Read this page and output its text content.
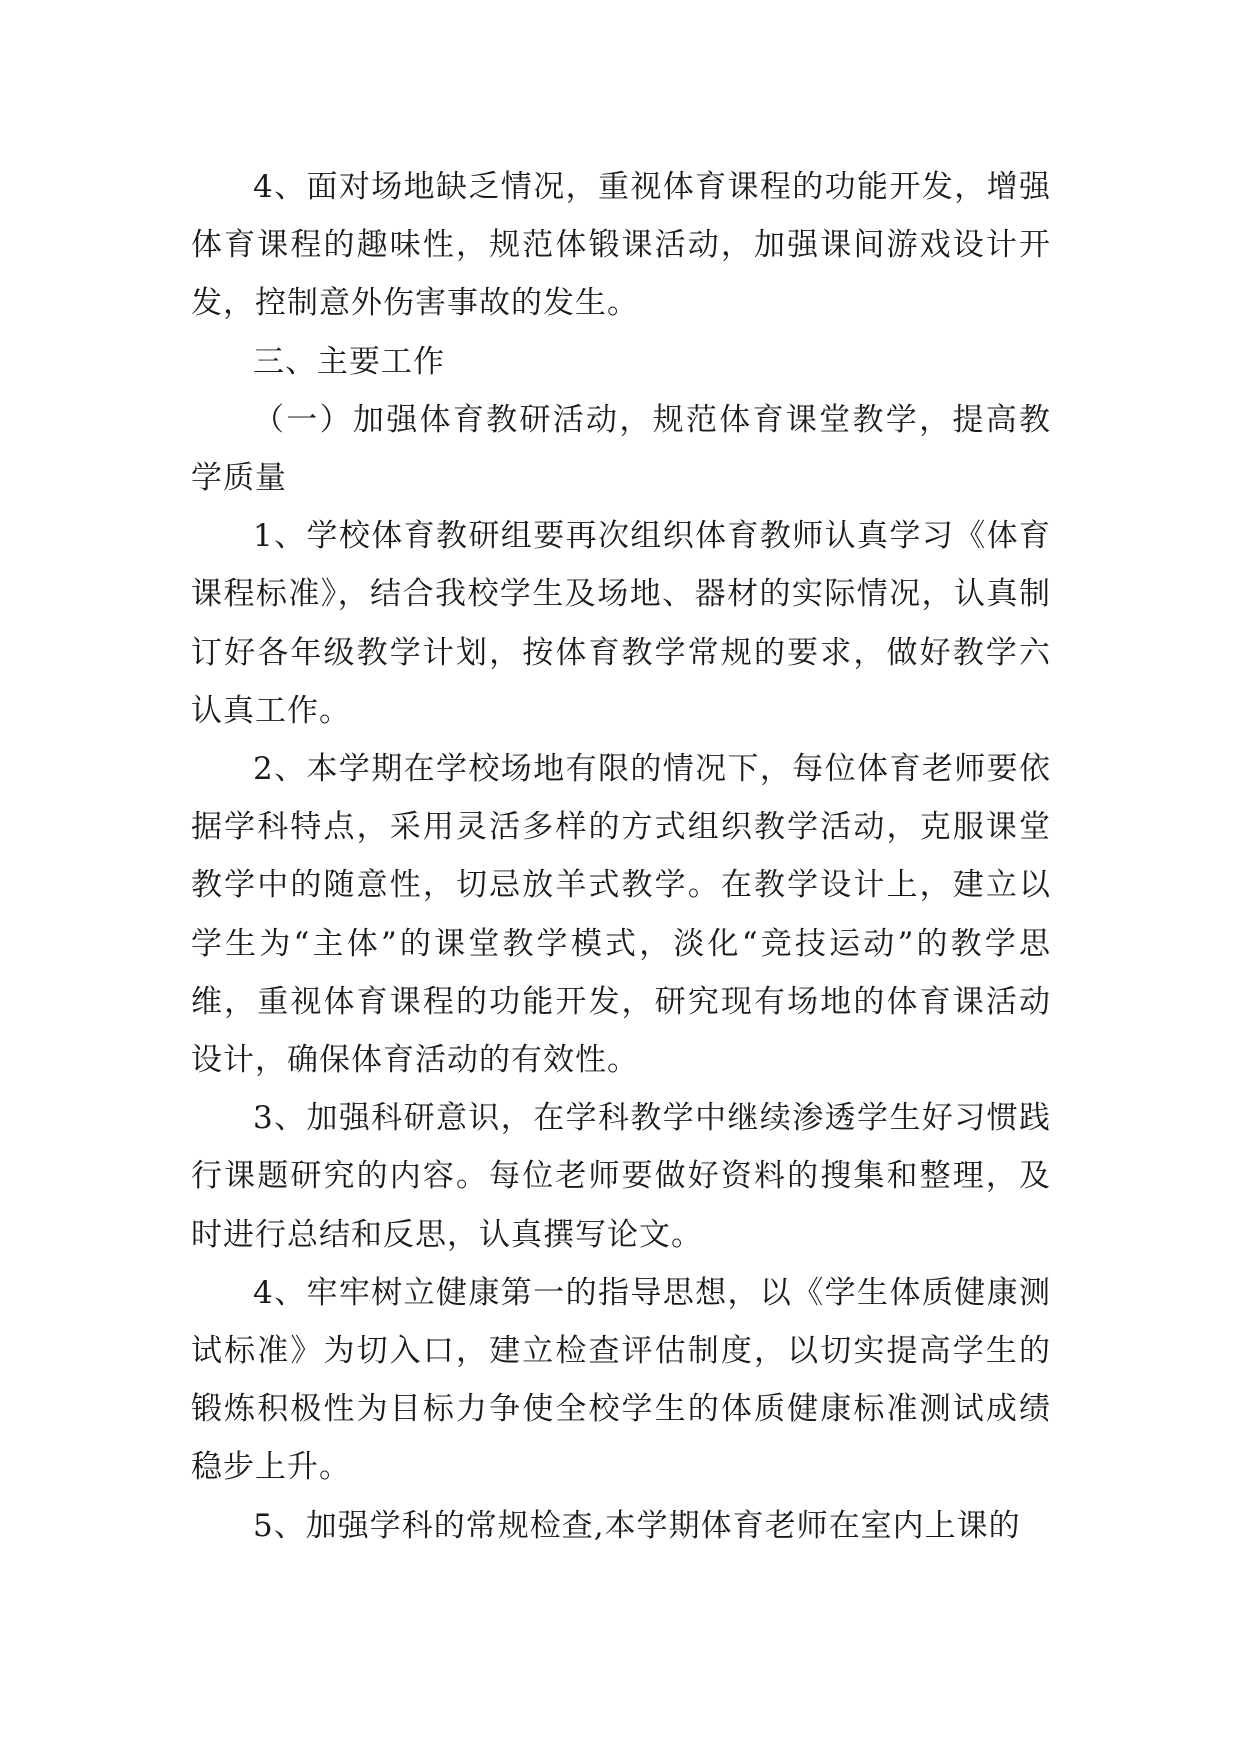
4、面对场地缺乏情况，重视体育课程的功能开发，增强体育课程的趣味性，规范体锻课活动，加强课间游戏设计开发，控制意外伤害事故的发生。

三、主要工作

（一）加强体育教研活动，规范体育课堂教学，提高教学质量

1、学校体育教研组要再次组织体育教师认真学习《体育课程标准》，结合我校学生及场地、器材的实际情况，认真制订好各年级教学计划，按体育教学常规的要求，做好教学六认真工作。

2、本学期在学校场地有限的情况下，每位体育老师要依据学科特点，采用灵活多样的方式组织教学活动，克服课堂教学中的随意性，切忌放羊式教学。在教学设计上，建立以学生为“主体”的课堂教学模式，淡化“竞技运动”的教学思维，重视体育课程的功能开发，研究现有场地的体育课活动设计，确保体育活动的有效性。

3、加强科研意识，在学科教学中继续渗透学生好习惯践行课题研究的内容。每位老师要做好资料的搜集和整理，及时进行总结和反思，认真撰写论文。

4、牢牢树立健康第一的指导思想，以《学生体质健康测试标准》为切入口，建立检查评估制度，以切实提高学生的锻炼积极性为目标力争使全校学生的体质健康标准测试成绩稳步上升。

5、加强学科的常规检查,本学期体育老师在室内上课的
